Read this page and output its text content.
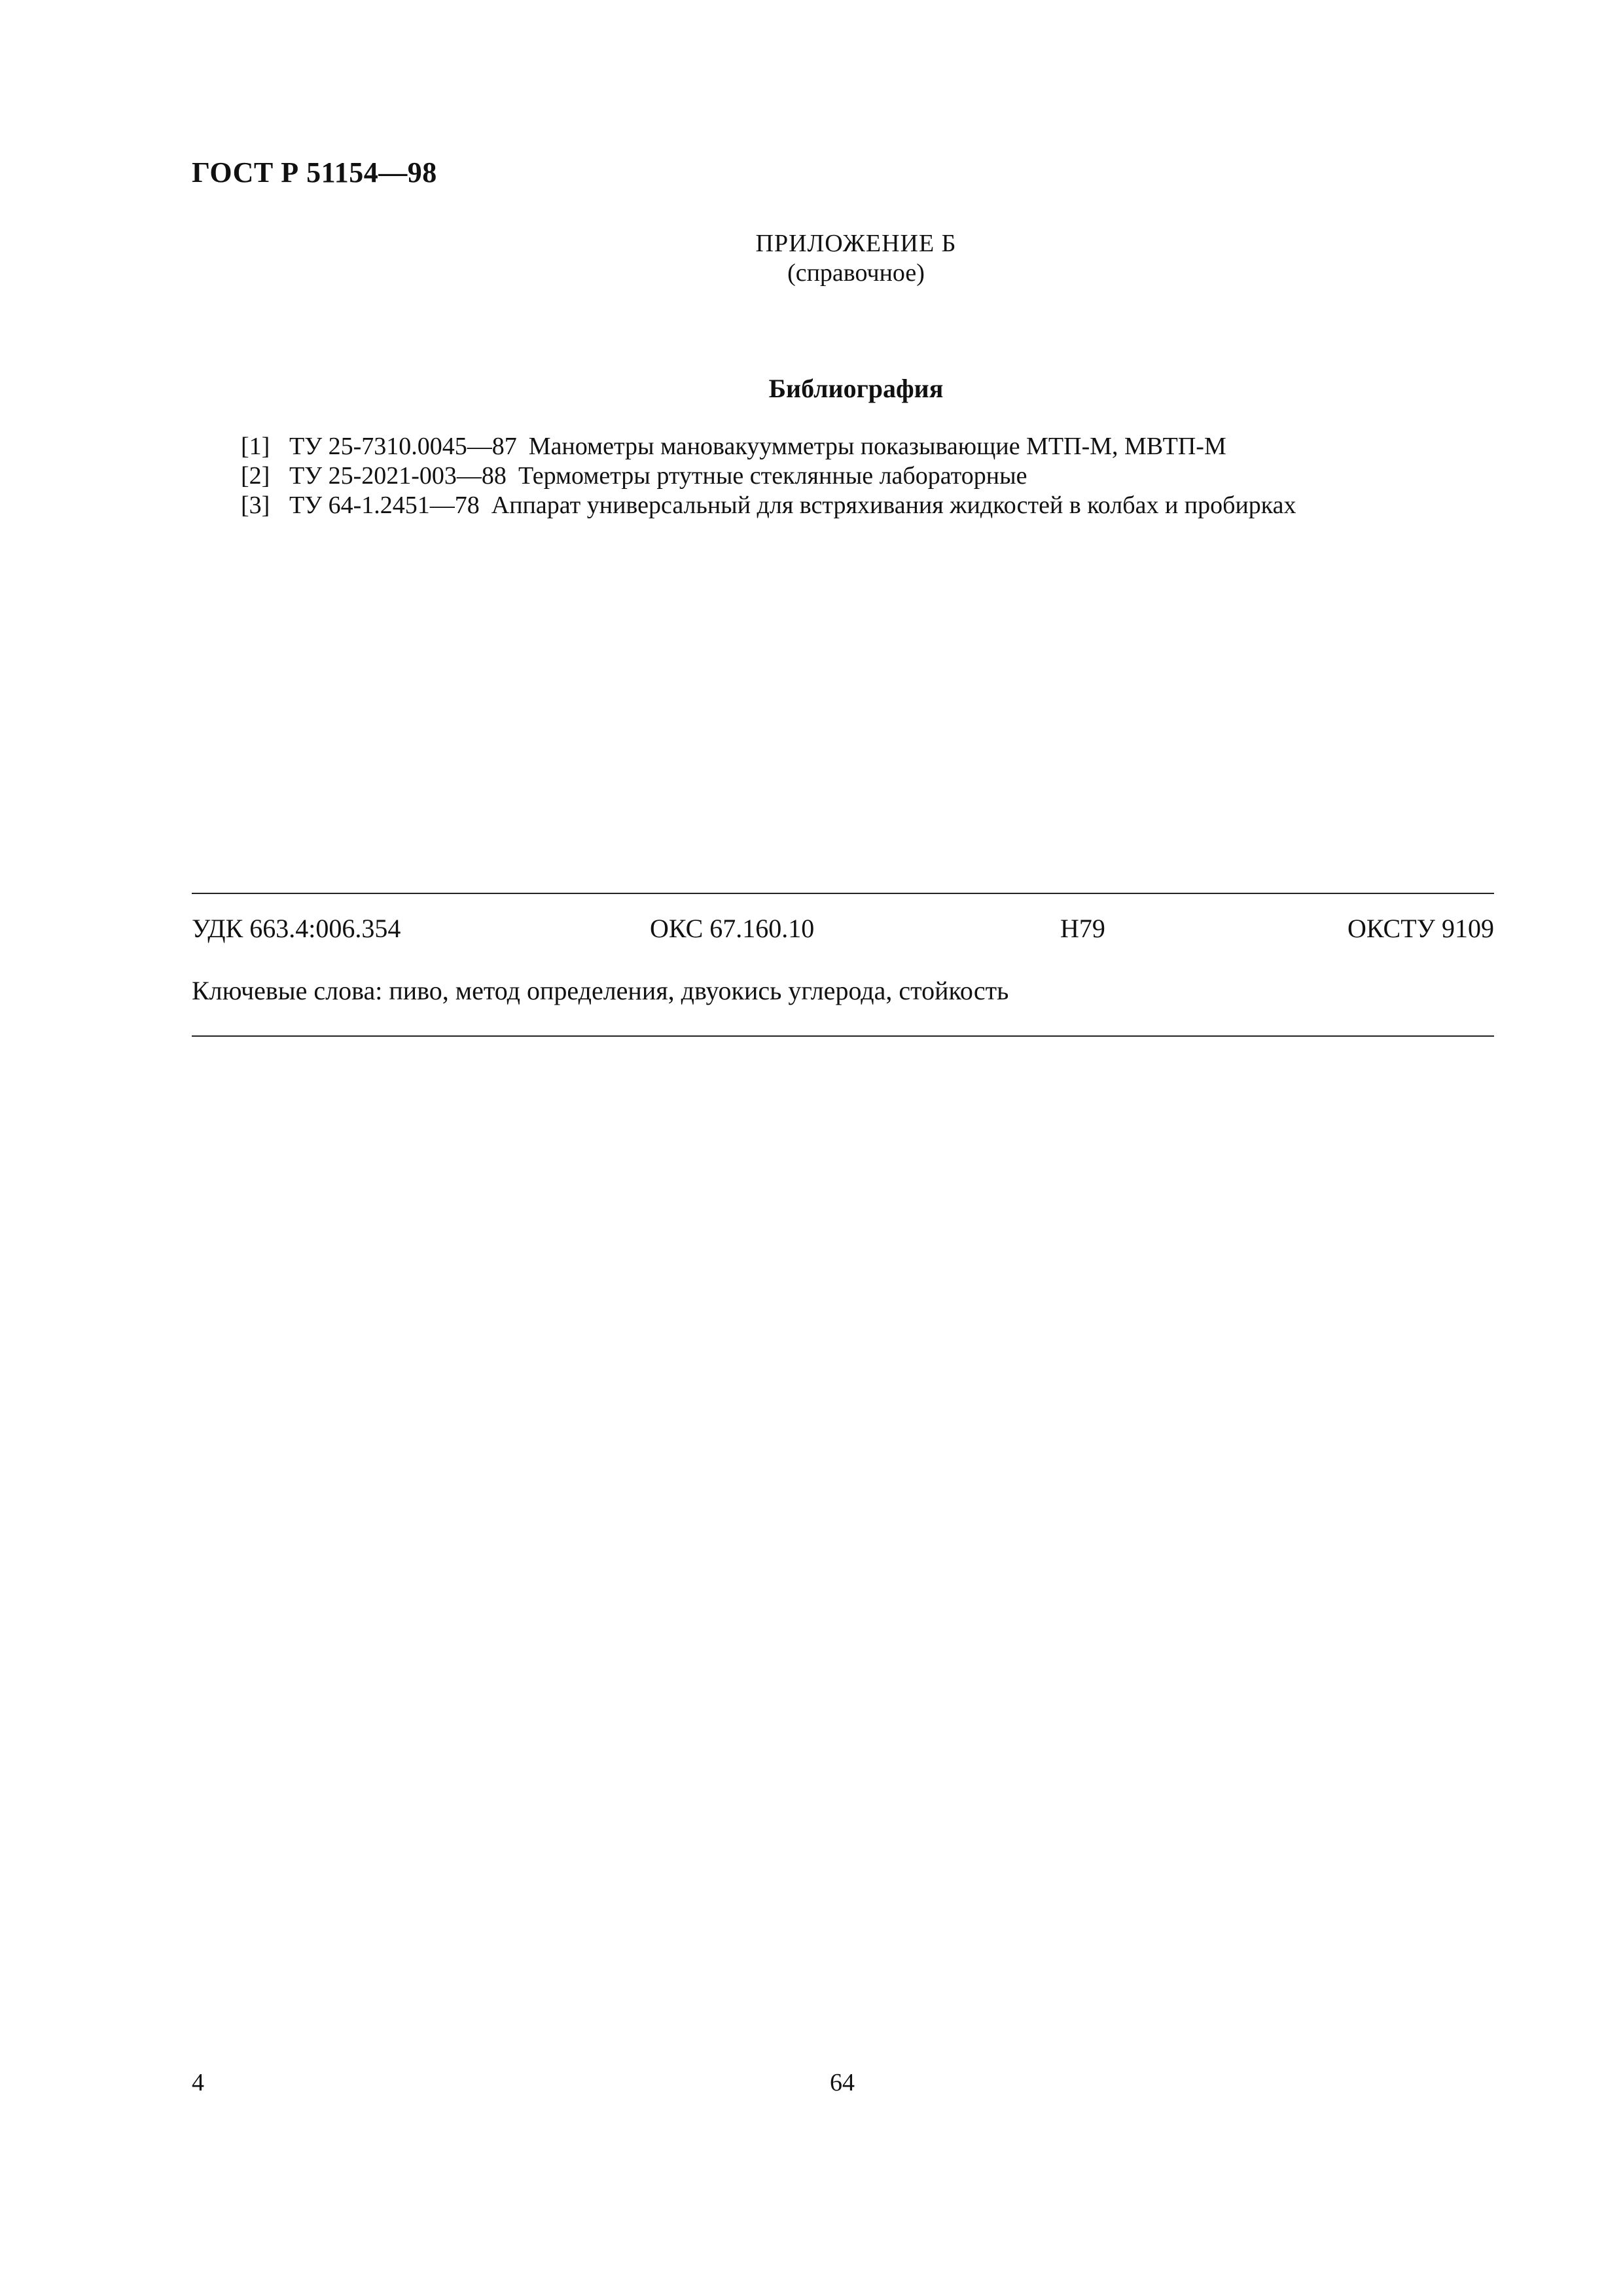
ГОСТ Р 51154—98
ПРИЛОЖЕНИЕ Б
(справочное)
Библиография
[1] ТУ 25-7310.0045—87 Манометры мановакуумметры показывающие МТП-М, МВТП-М
[2] ТУ 25-2021-003—88 Термометры ртутные стеклянные лабораторные
[3] ТУ 64-1.2451—78 Аппарат универсальный для встряхивания жидкостей в колбах и пробирках
УДК 663.4:006.354	ОКС 67.160.10	Н79	ОКСТУ 9109
Ключевые слова: пиво, метод определения, двуокись углерода, стойкость
4	64
